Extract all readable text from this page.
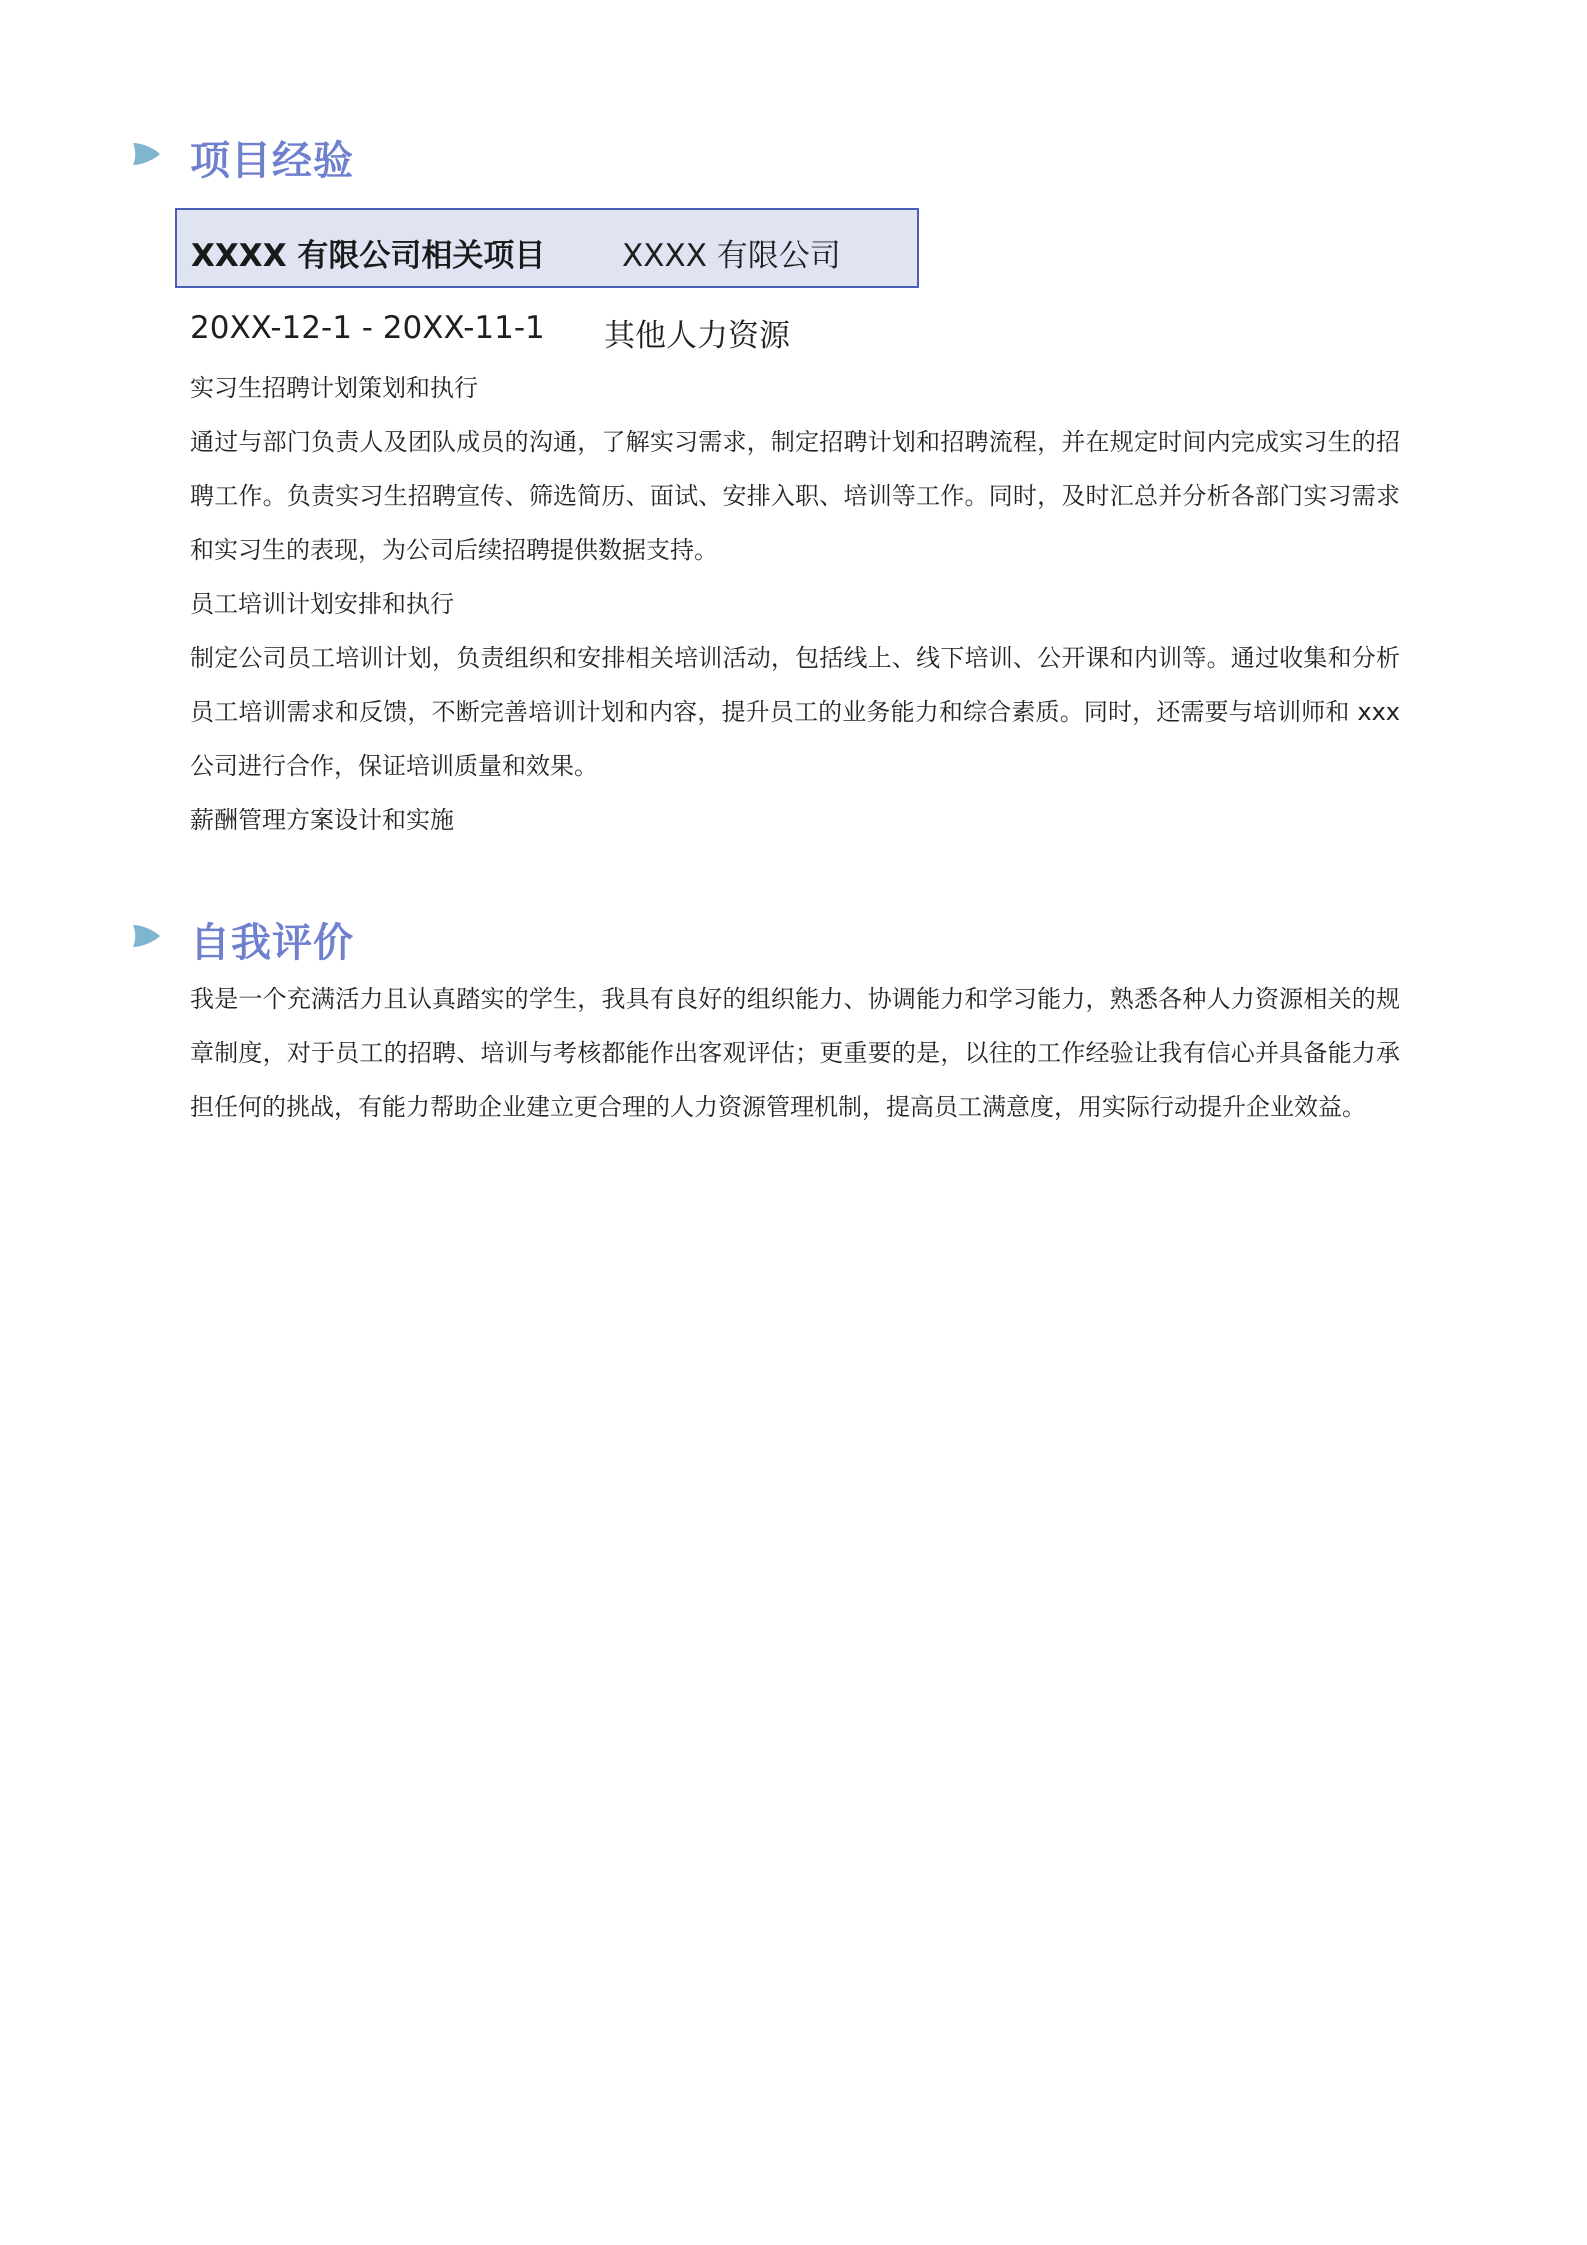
项目经验
XXXX 有限公司相关项目 XXXX 有限公司
20XX-12-1 - 20XX-11-1 其他人力资源

实习生招聘计划策划和执行

通过与部门负责人及团队成员的沟通，了解实习需求，制定招聘计划和招聘流程，并在规定时间内完成实习生的招聘工作。负责实习生招聘宣传、筛选简历、面试、安排入职、培训等工作。同时，及时汇总并分析各部门实习需求和实习生的表现，为公司后续招聘提供数据支持。

员工培训计划安排和执行

制定公司员工培训计划，负责组织和安排相关培训活动，包括线上、线下培训、公开课和内训等。通过收集和分析员工培训需求和反馈，不断完善培训计划和内容，提升员工的业务能力和综合素质。同时，还需要与培训师和 xxx 公司进行合作，保证培训质量和效果。

薪酬管理方案设计和实施

自我评价

我是一个充满活力且认真踏实的学生，我具有良好的组织能力、协调能力和学习能力，熟悉各种人力资源相关的规章制度，对于员工的招聘、培训与考核都能作出客观评估；更重要的是，以往的工作经验让我有信心并具备能力承担任何的挑战，有能力帮助企业建立更合理的人力资源管理机制，提高员工满意度，用实际行动提升企业效益。
